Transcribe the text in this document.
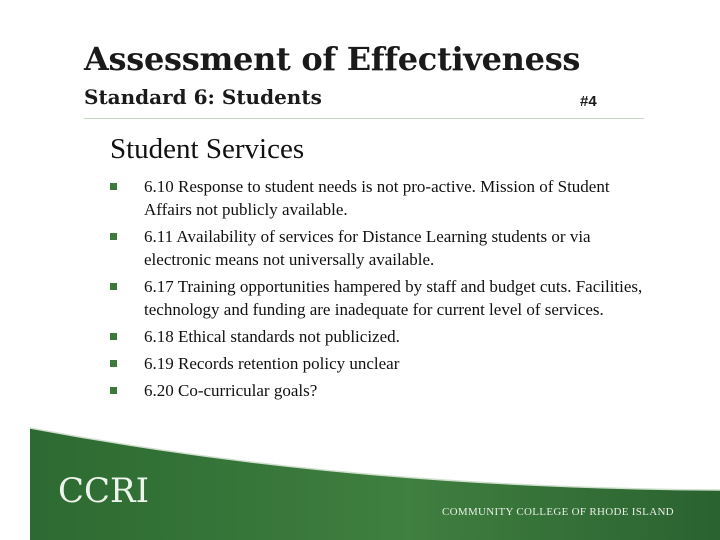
Assessment of Effectiveness
Standard 6: Students	#4
Student Services
6.10 Response to student needs is not pro-active. Mission of Student Affairs not publicly available.
6.11 Availability of services for Distance Learning students or via electronic means not universally available.
6.17 Training opportunities hampered by staff and budget cuts. Facilities, technology and funding are inadequate for current level of services.
6.18 Ethical standards not publicized.
6.19 Records retention policy unclear
6.20 Co-curricular goals?
CCRI
COMMUNITY COLLEGE OF RHODE ISLAND
